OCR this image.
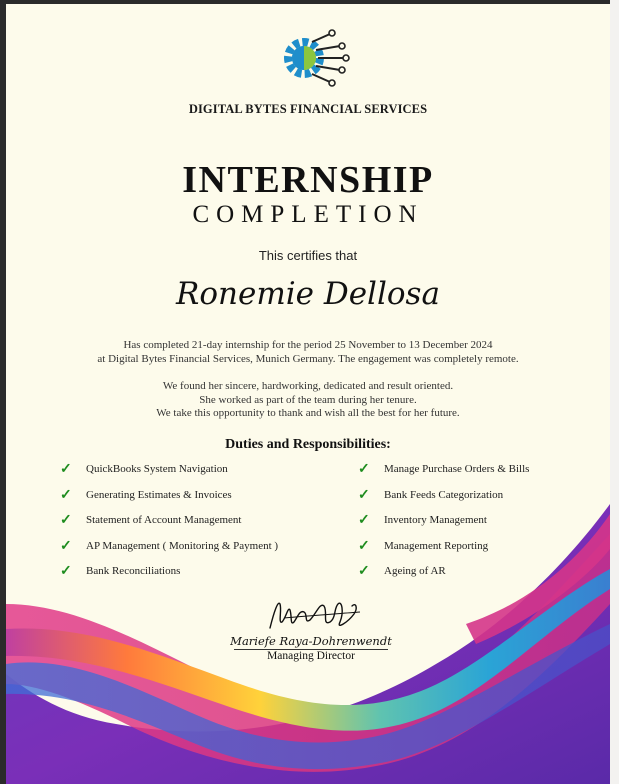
DIGITAL BYTES FINANCIAL SERVICES
INTERNSHIP
COMPLETION
This certifies that
Ronemie Dellosa
Has completed 21-day internship for the period 25 November to 13 December 2024
at Digital Bytes Financial Services, Munich Germany. The engagement was completely remote.
We found her sincere, hardworking, dedicated and result oriented.
She worked as part of the team during her tenure.
We take this opportunity to thank and wish all the best for her future.
Duties and Responsibilities:
✓	QuickBooks System Navigation
✓	Generating Estimates & Invoices
✓	Statement of Account Management
✓	AP Management ( Monitoring & Payment )
✓	Bank Reconciliations
✓	Manage Purchase Orders & Bills
✓	Bank Feeds Categorization
✓	Inventory Management
✓	Management Reporting
✓	Ageing of AR
Mariefe Raya-Dohrenwendt
Managing Director
